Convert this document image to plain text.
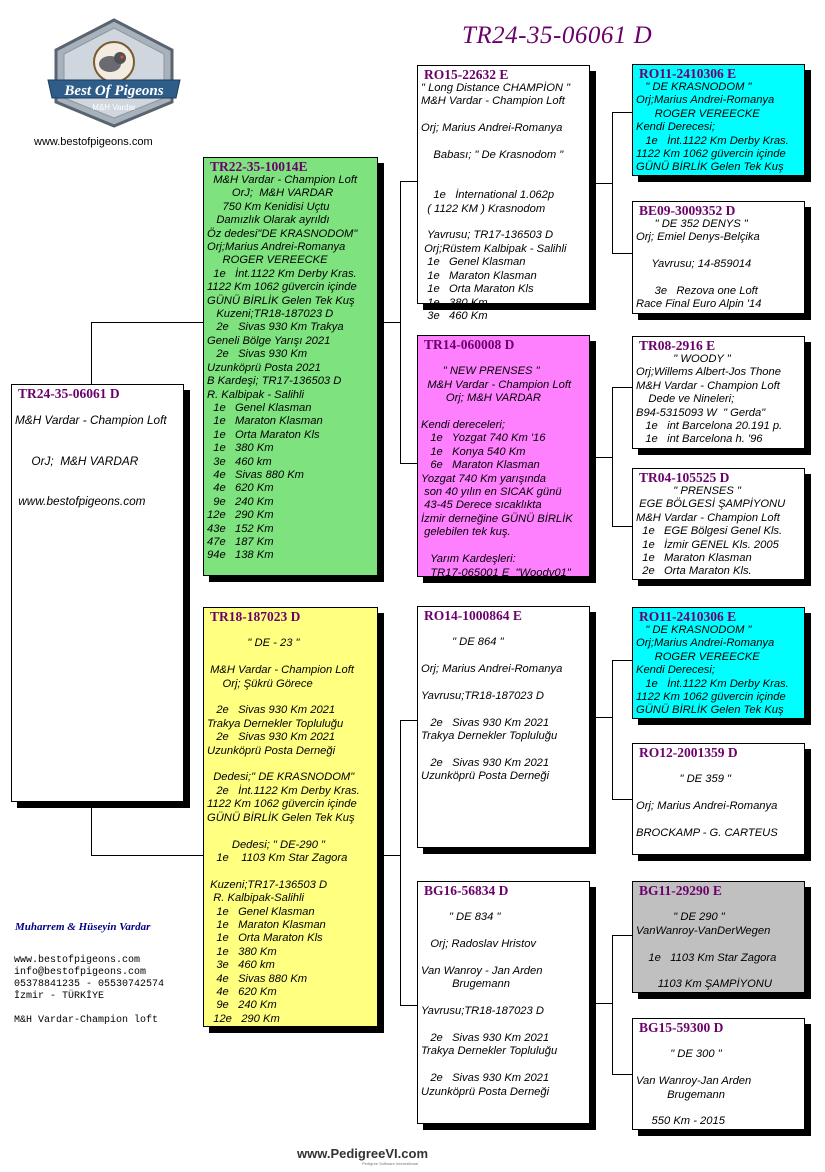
TR24-35-06061 D
Best Of Pigeons
M&H Vardar
www.bestofpigeons.com
TR24-35-06061 D

M&H Vardar - Champion Loft

OrJ;  M&H VARDAR

www.bestofpigeons.com
TR22-35-10014E
M&H Vardar - Champion Loft
OrJ;  M&H VARDAR
750 Km Kenidisi Uçtu
Damızlık Olarak ayrıldı
Öz dedesi"DE KRASNODOM"
Orj;Marius Andrei-Romanya
ROGER VEREECKE
1e   İnt.1122 Km Derby Kras.
1122 Km 1062 güvercin içinde
GÜNÜ BİRLİK Gelen Tek Kuş
Kuzeni;TR18-187023 D
2e   Sivas 930 Km Trakya
Geneli Bölge Yarışı 2021
2e   Sivas 930 Km
Uzunköprü Posta 2021
B Kardeşi; TR17-136503 D
R. Kalbipak - Salihli
1e   Genel Klasman
1e   Maraton Klasman
1e   Orta Maraton Kls
1e   380 Km
3e   460 km
4e   Sivas 880 Km
4e   620 Km
9e   240 Km
12e   290 Km
43e   152 Km
47e   187 Km
94e   138 Km
TR18-187023 D

" DE - 23 "

M&H Vardar - Champion Loft
Orj; Şükrü Görece

2e   Sivas 930 Km 2021
Trakya Dernekler Topluluğu
2e   Sivas 930 Km 2021
Uzunköprü Posta Derneği

Dedesi;" DE KRASNODOM"
2e   İnt.1122 Km Derby Kras.
1122 Km 1062 güvercin içinde
GÜNÜ BİRLİK Gelen Tek Kuş

Dedesi; " DE-290 "
1e    1103 Km Star Zagora

Kuzeni;TR17-136503 D
R. Kalbipak-Salihli
1e   Genel Klasman
1e   Maraton Klasman
1e   Orta Maraton Kls
1e   380 Km
3e   460 km
4e   Sivas 880 Km
4e   620 Km
9e   240 Km
12e   290 Km
RO15-22632 E
" Long Distance CHAMPİON "
M&H Vardar - Champion Loft

Orj; Marius Andrei-Romanya

Babası; " De Krasnodom "

1e   İnternational 1.062p
( 1122 KM ) Krasnodom

Yavrusu; TR17-136503 D
Orj;Rüstem Kalbipak - Salihli
1e   Genel Klasman
1e   Maraton Klasman
1e   Orta Maraton Kls
1e   380 Km
3e   460 Km
TR14-060008 D

" NEW PRENSES "
M&H Vardar - Champion Loft
Orj; M&H VARDAR

Kendi dereceleri;
1e   Yozgat 740 Km '16
1e   Konya 540 Km
6e   Maraton Klasman
Yozgat 740 Km yarışında
son 40 yılın en SICAK günü
43-45 Derece sıcaklıkta
İzmir derneğine GÜNÜ BİRLİK
gelebilen tek kuş.

Yarım Kardeşleri:
TR17-065001 E  "Woody01"
RO14-1000864 E

" DE 864 "

Orj; Marius Andrei-Romanya

Yavrusu;TR18-187023 D

2e   Sivas 930 Km 2021
Trakya Dernekler Topluluğu

2e   Sivas 930 Km 2021
Uzunköprü Posta Derneği
BG16-56834 D

" DE 834 "

Orj; Radoslav Hristov

Van Wanroy - Jan Arden
Brugemann

Yavrusu;TR18-187023 D

2e   Sivas 930 Km 2021
Trakya Dernekler Topluluğu

2e   Sivas 930 Km 2021
Uzunköprü Posta Derneği
RO11-2410306 E
" DE KRASNODOM "
Orj;Marius Andrei-Romanya
ROGER VEREECKE
Kendi Derecesi;
1e   İnt.1122 Km Derby Kras.
1122 Km 1062 güvercin içinde
GÜNÜ BİRLİK Gelen Tek Kuş
BE09-3009352 D
" DE 352 DENYS "
Orj; Emiel Denys-Belçika

Yavrusu; 14-859014

3e   Rezova one Loft
Race Final Euro Alpin '14
TR08-2916 E
" WOODY "
Orj;Willems Albert-Jos Thone
M&H Vardar - Champion Loft
Dede ve Nineleri;
B94-5315093 W  " Gerda"
1e   int Barcelona 20.191 p.
1e   int Barcelona h. '96
TR04-105525 D
" PRENSES "
EGE BÖLGESİ ŞAMPİYONU
M&H Vardar - Champion Loft
1e   EGE Bölgesi Genel Kls.
1e   İzmir GENEL Kls. 2005
1e   Maraton Klasman
2e   Orta Maraton Kls.
RO11-2410306 E
" DE KRASNODOM "
Orj;Marius Andrei-Romanya
ROGER VEREECKE
Kendi Derecesi;
1e   İnt.1122 Km Derby Kras.
1122 Km 1062 güvercin içinde
GÜNÜ BİRLİK Gelen Tek Kuş
RO12-2001359 D

" DE 359 "

Orj; Marius Andrei-Romanya

BROCKAMP - G. CARTEUS
BG11-29290 E

" DE 290 "
VanWanroy-VanDerWegen

1e   1103 Km Star Zagora

1103 Km ŞAMPİYONU
BG15-59300 D

" DE 300 "

Van Wanroy-Jan Arden
Brugemann

550 Km - 2015
Muharrem & Hüseyin Vardar
www.bestofpigeons.com
info@bestofpigeons.com
05378841235 - 05530742574
İzmir - TÜRKİYE

M&H Vardar-Champion loft
www.PedigreeVI.com
Pedigree Software International
